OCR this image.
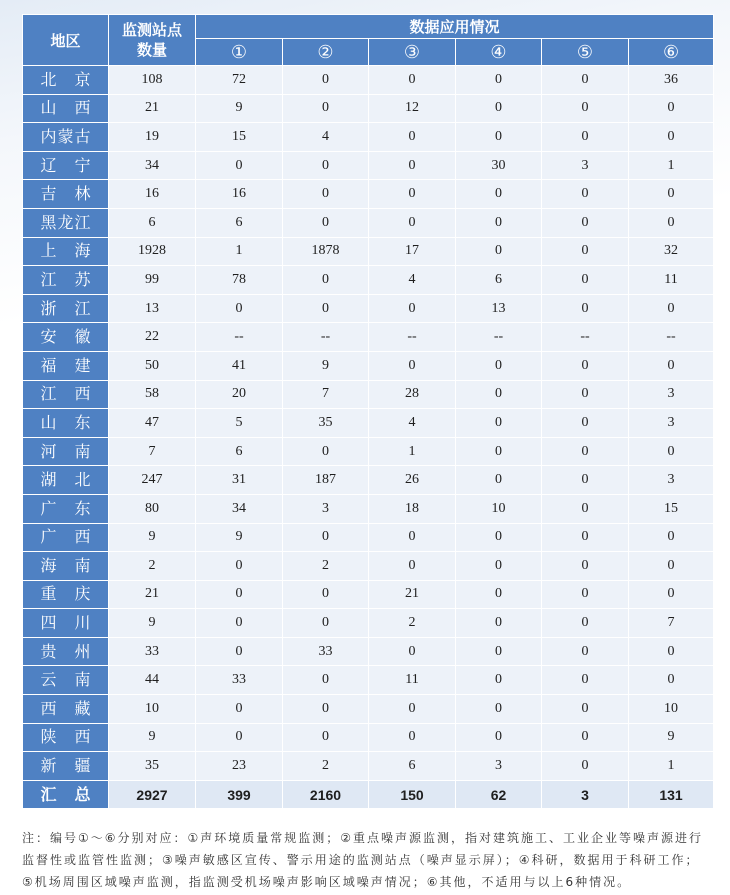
地区	监测站点数量	数据应用情况					
		①	②	③	④	⑤	⑥
北京	108	72	0	0	0	0	36
山西	21	9	0	12	0	0	0
内蒙古	19	15	4	0	0	0	0
辽宁	34	0	0	0	30	3	1
吉林	16	16	0	0	0	0	0
黑龙江	6	6	0	0	0	0	0
上海	1928	1	1878	17	0	0	32
江苏	99	78	0	4	6	0	11
浙江	13	0	0	0	13	0	0
安徽	22	--	--	--	--	--	--
福建	50	41	9	0	0	0	0
江西	58	20	7	28	0	0	3
山东	47	5	35	4	0	0	3
河南	7	6	0	1	0	0	0
湖北	247	31	187	26	0	0	3
广东	80	34	3	18	10	0	15
广西	9	9	0	0	0	0	0
海南	2	0	2	0	0	0	0
重庆	21	0	0	21	0	0	0
四川	9	0	0	2	0	0	7
贵州	33	0	33	0	0	0	0
云南	44	33	0	11	0	0	0
西藏	10	0	0	0	0	0	10
陕西	9	0	0	0	0	0	9
新疆	35	23	2	6	3	0	1
汇总	2927	399	2160	150	62	3	131
注：编号①～⑥分别对应：①声环境质量常规监测；②重点噪声源监测，指对建筑施工、工业企业等噪声源进行
监督性或监管性监测；③噪声敏感区宣传、警示用途的监测站点（噪声显示屏）；④科研，数据用于科研工作；
⑤机场周围区域噪声监测，指监测受机场噪声影响区域噪声情况；⑥其他，不适用与以上6种情况。
